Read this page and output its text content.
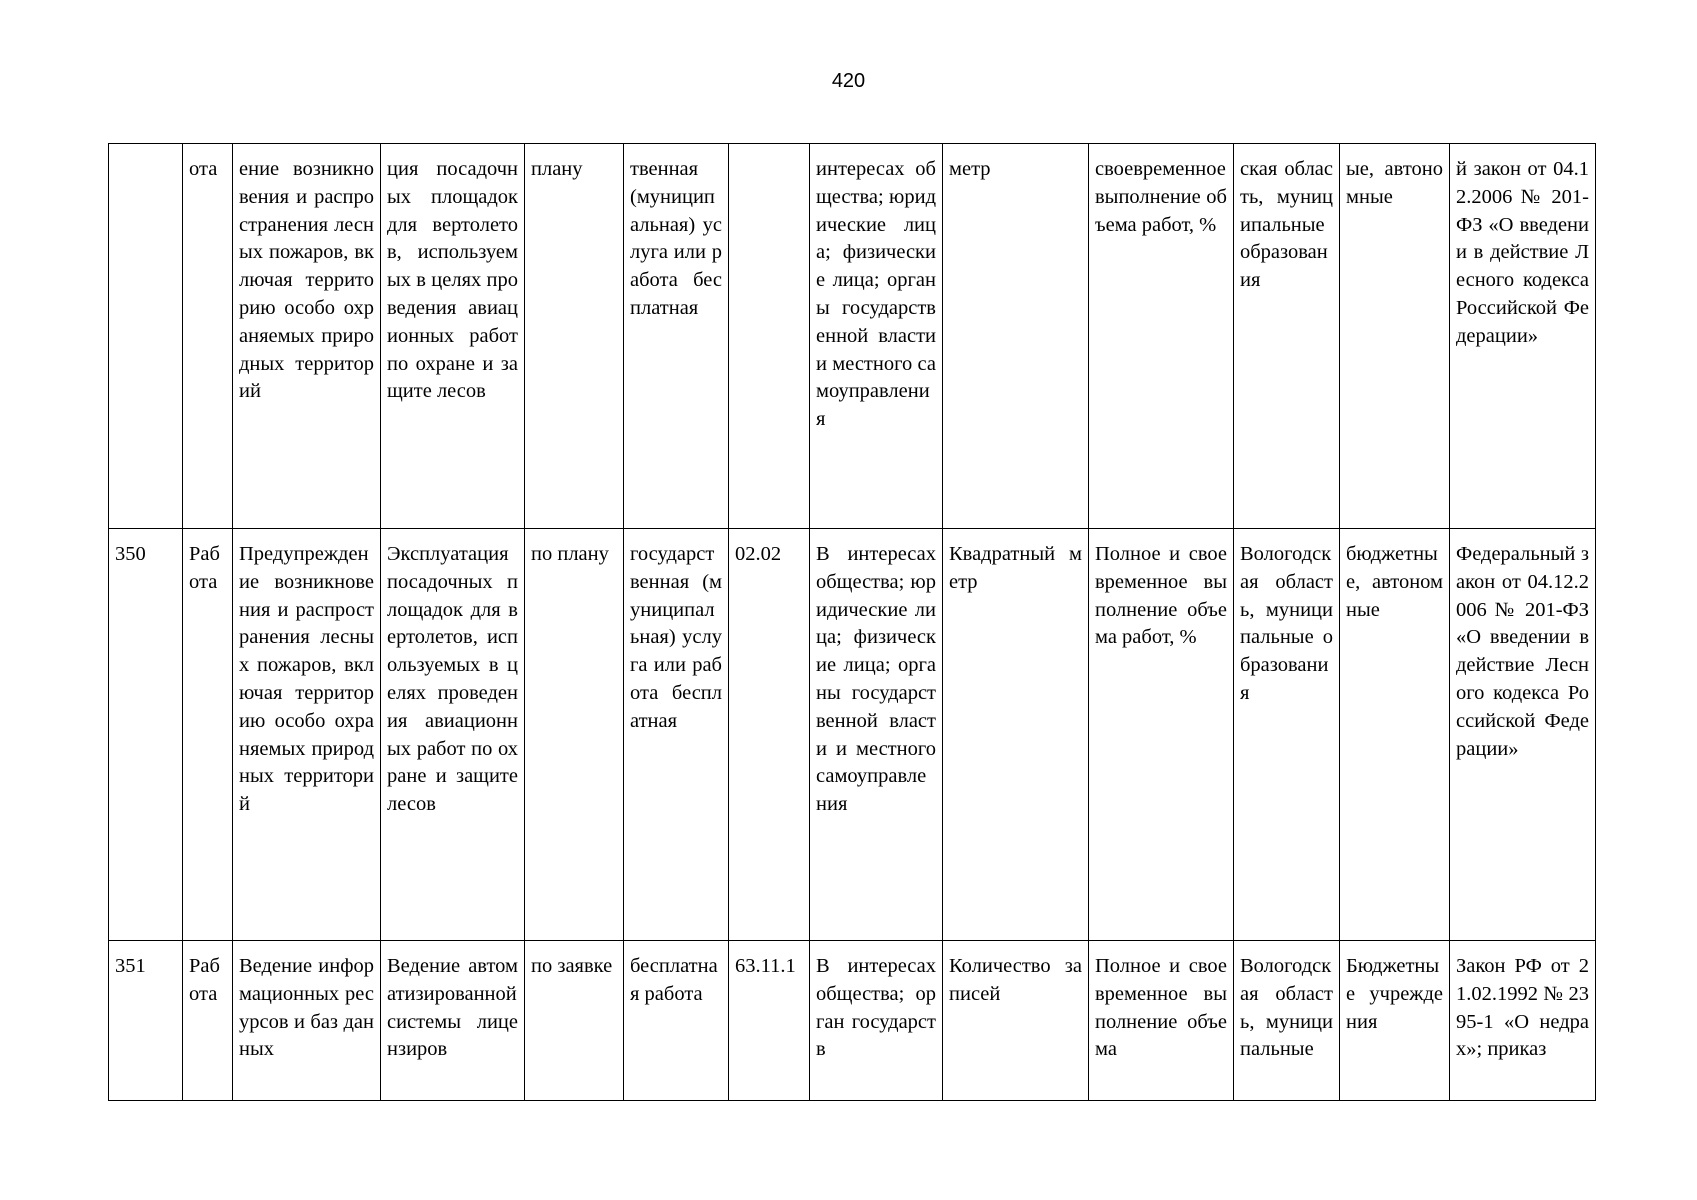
420
	ота	ение возникновения и распространения лесных пожаров, включая территорию особо охраняемых природных территорий	ция посадочных площадок для вертолетов, используемых в целях проведения авиационных работ по охране и защите лесов	плану	твенная (муниципальная) услуга или работа бесплатная		интересах общества; юридические лица; физические лица; органы государственной власти и местного самоуправления	метр	своевременное выполнение объема работ, %	ская область, муниципальные образования	ые, автономные	й закон от 04.12.2006 № 201-ФЗ «О введении в действие Лесного кодекса Российской Федерации»
350	Работа	Предупреждение возникновения и распространения лесных пожаров, включая территорию особо охраняемых природных территорий	Эксплуатация посадочных площадок для вертолетов, используемых в целях проведения авиационных работ по охране и защите лесов	по плану	государственная (муниципальная) услуга или работа бесплатная	02.02	В интересах общества; юридические лица; физические лица; органы государственной власти и местного самоуправления	Квадратный метр	Полное и своевременное выполнение объема работ, %	Вологодская область, муниципальные образования	бюджетные, автономные	Федеральный закон от 04.12.2006 № 201-ФЗ «О введении в действие Лесного кодекса Российской Федерации»
351	Работа	Ведение информационных ресурсов и баз данных	Ведение автоматизированной системы лицензиров	по заявке	бесплатная работа	63.11.1	В интересах общества; орган государств	Количество записей	Полное и своевременное выполнение объема	Вологодская область, муниципальные	Бюджетные учреждения	Закон РФ от 21.02.1992 № 2395-1 «О недрах»; приказ
